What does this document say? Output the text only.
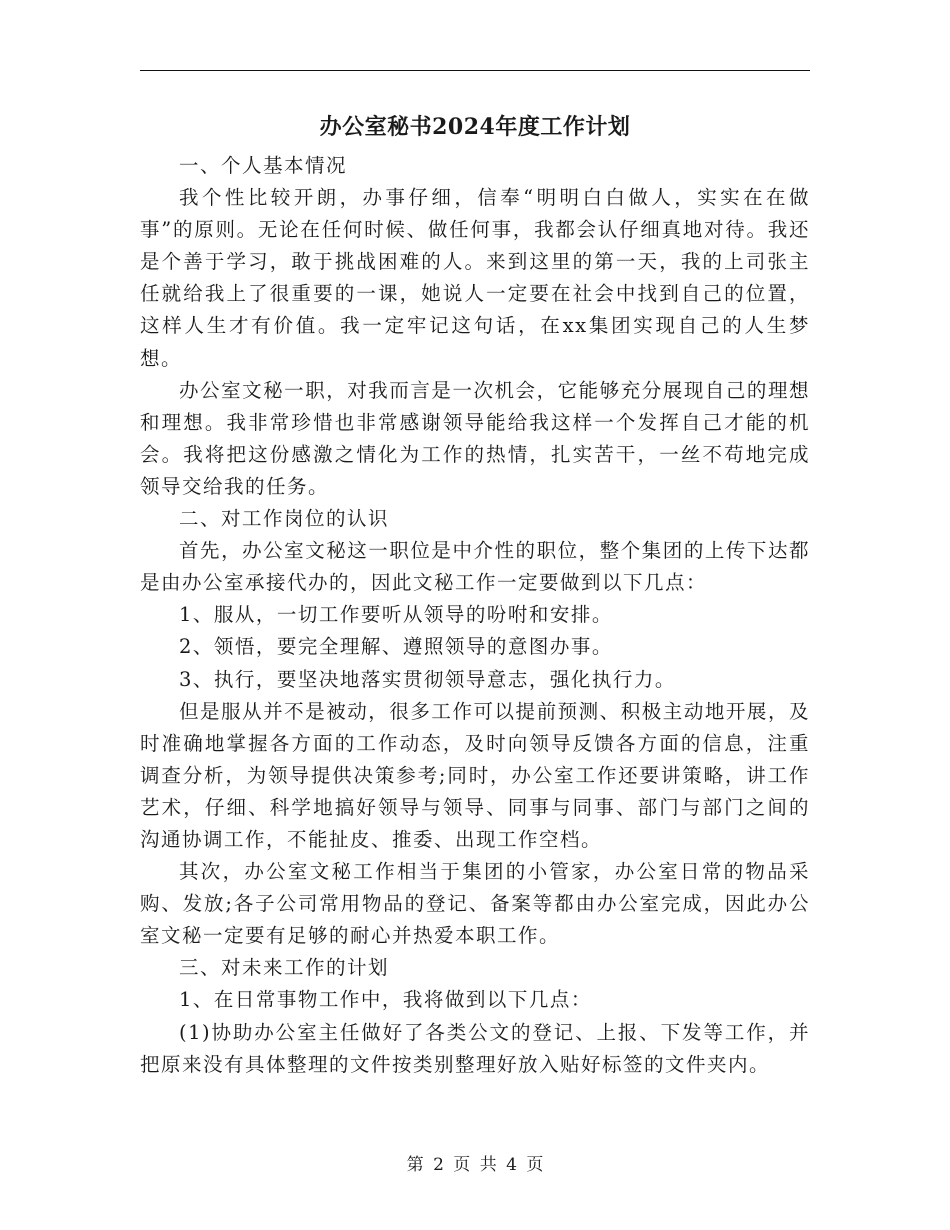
办公室秘书2024年度工作计划

一、个人基本情况

我个性比较开朗，办事仔细，信奉“明明白白做人，实实在在做事”的原则。无论在任何时候、做任何事，我都会认仔细真地对待。我还是个善于学习，敢于挑战困难的人。来到这里的第一天，我的上司张主任就给我上了很重要的一课，她说人一定要在社会中找到自己的位置，这样人生才有价值。我一定牢记这句话，在xx集团实现自己的人生梦想。

办公室文秘一职，对我而言是一次机会，它能够充分展现自己的理想和理想。我非常珍惜也非常感谢领导能给我这样一个发挥自己才能的机会。我将把这份感激之情化为工作的热情，扎实苦干，一丝不苟地完成领导交给我的任务。

二、对工作岗位的认识

首先，办公室文秘这一职位是中介性的职位，整个集团的上传下达都是由办公室承接代办的，因此文秘工作一定要做到以下几点：

1、服从，一切工作要听从领导的吩咐和安排。

2、领悟，要完全理解、遵照领导的意图办事。

3、执行，要坚决地落实贯彻领导意志，强化执行力。

但是服从并不是被动，很多工作可以提前预测、积极主动地开展，及时准确地掌握各方面的工作动态，及时向领导反馈各方面的信息，注重调查分析，为领导提供决策参考;同时，办公室工作还要讲策略，讲工作艺术，仔细、科学地搞好领导与领导、同事与同事、部门与部门之间的沟通协调工作，不能扯皮、推委、出现工作空档。

其次，办公室文秘工作相当于集团的小管家，办公室日常的物品采购、发放;各子公司常用物品的登记、备案等都由办公室完成，因此办公室文秘一定要有足够的耐心并热爱本职工作。

三、对未来工作的计划

1、在日常事物工作中，我将做到以下几点：

(1)协助办公室主任做好了各类公文的登记、上报、下发等工作，并把原来没有具体整理的文件按类别整理好放入贴好标签的文件夹内。

第 2 页 共 4 页
